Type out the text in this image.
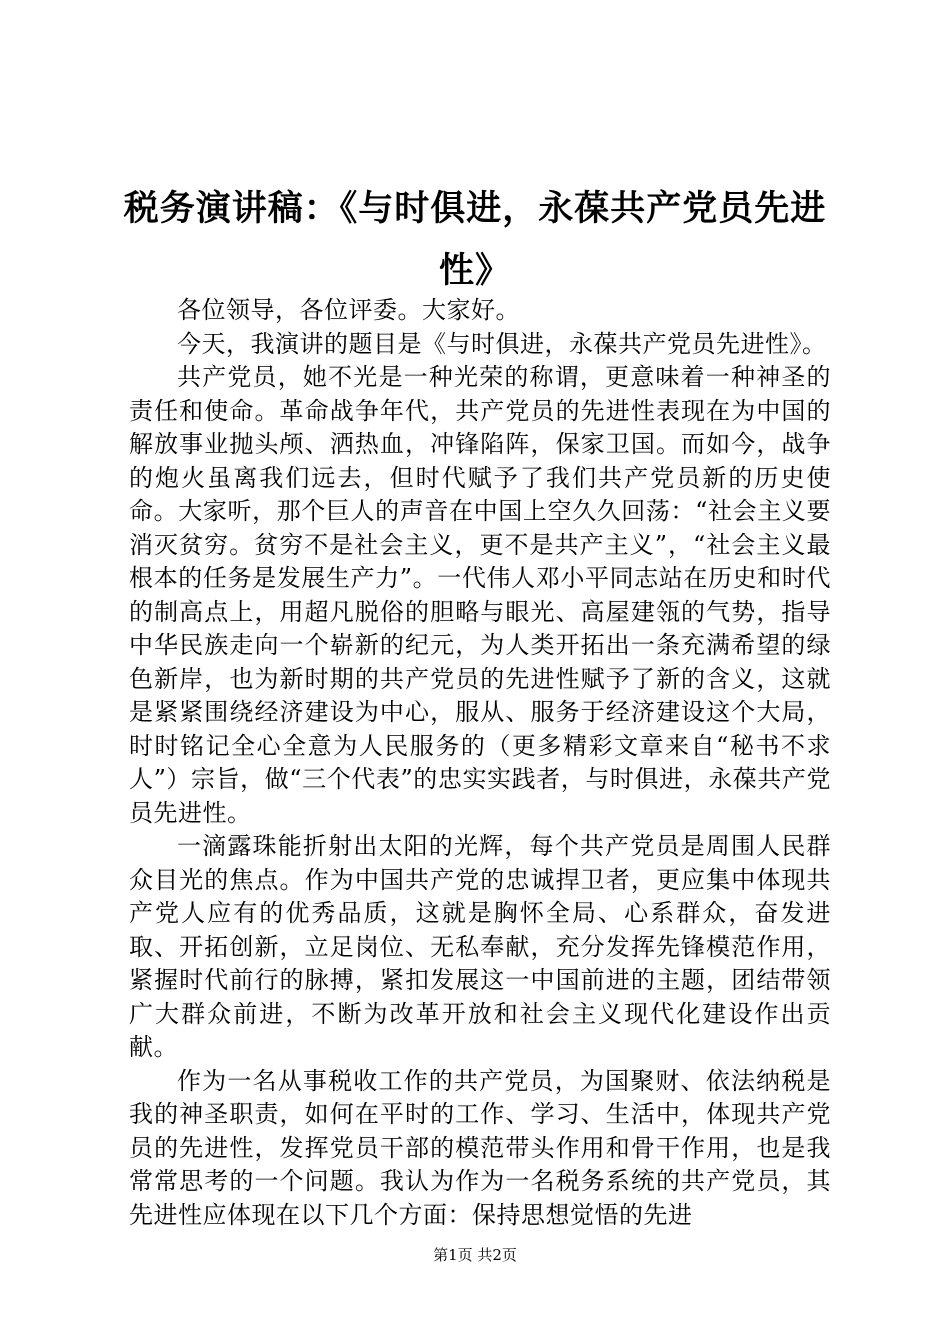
税务演讲稿：《与时俱进，永葆共产党员先进性》

各位领导，各位评委。大家好。

今天，我演讲的题目是《与时俱进，永葆共产党员先进性》。

共产党员，她不光是一种光荣的称谓，更意味着一种神圣的责任和使命。革命战争年代，共产党员的先进性表现在为中国的解放事业抛头颅、洒热血，冲锋陷阵，保家卫国。而如今，战争的炮火虽离我们远去，但时代赋予了我们共产党员新的历史使命。大家听，那个巨人的声音在中国上空久久回荡：“社会主义要消灭贫穷。贫穷不是社会主义，更不是共产主义”，“社会主义最根本的任务是发展生产力”。一代伟人邓小平同志站在历史和时代的制高点上，用超凡脱俗的胆略与眼光、高屋建瓴的气势，指导中华民族走向一个崭新的纪元，为人类开拓出一条充满希望的绿色新岸，也为新时期的共产党员的先进性赋予了新的含义，这就是紧紧围绕经济建设为中心，服从、服务于经济建设这个大局，时时铭记全心全意为人民服务的（更多精彩文章来自“秘书不求人”）宗旨，做“三个代表”的忠实实践者，与时俱进，永葆共产党员先进性。

一滴露珠能折射出太阳的光辉，每个共产党员是周围人民群众目光的焦点。作为中国共产党的忠诚捍卫者，更应集中体现共产党人应有的优秀品质，这就是胸怀全局、心系群众，奋发进取、开拓创新，立足岗位、无私奉献，充分发挥先锋模范作用，紧握时代前行的脉搏，紧扣发展这一中国前进的主题，团结带领广大群众前进，不断为改革开放和社会主义现代化建设作出贡献。

作为一名从事税收工作的共产党员，为国聚财、依法纳税是我的神圣职责，如何在平时的工作、学习、生活中，体现共产党员的先进性，发挥党员干部的模范带头作用和骨干作用，也是我常常思考的一个问题。我认为作为一名税务系统的共产党员，其先进性应体现在以下几个方面：保持思想觉悟的先进

第1页 共2页
